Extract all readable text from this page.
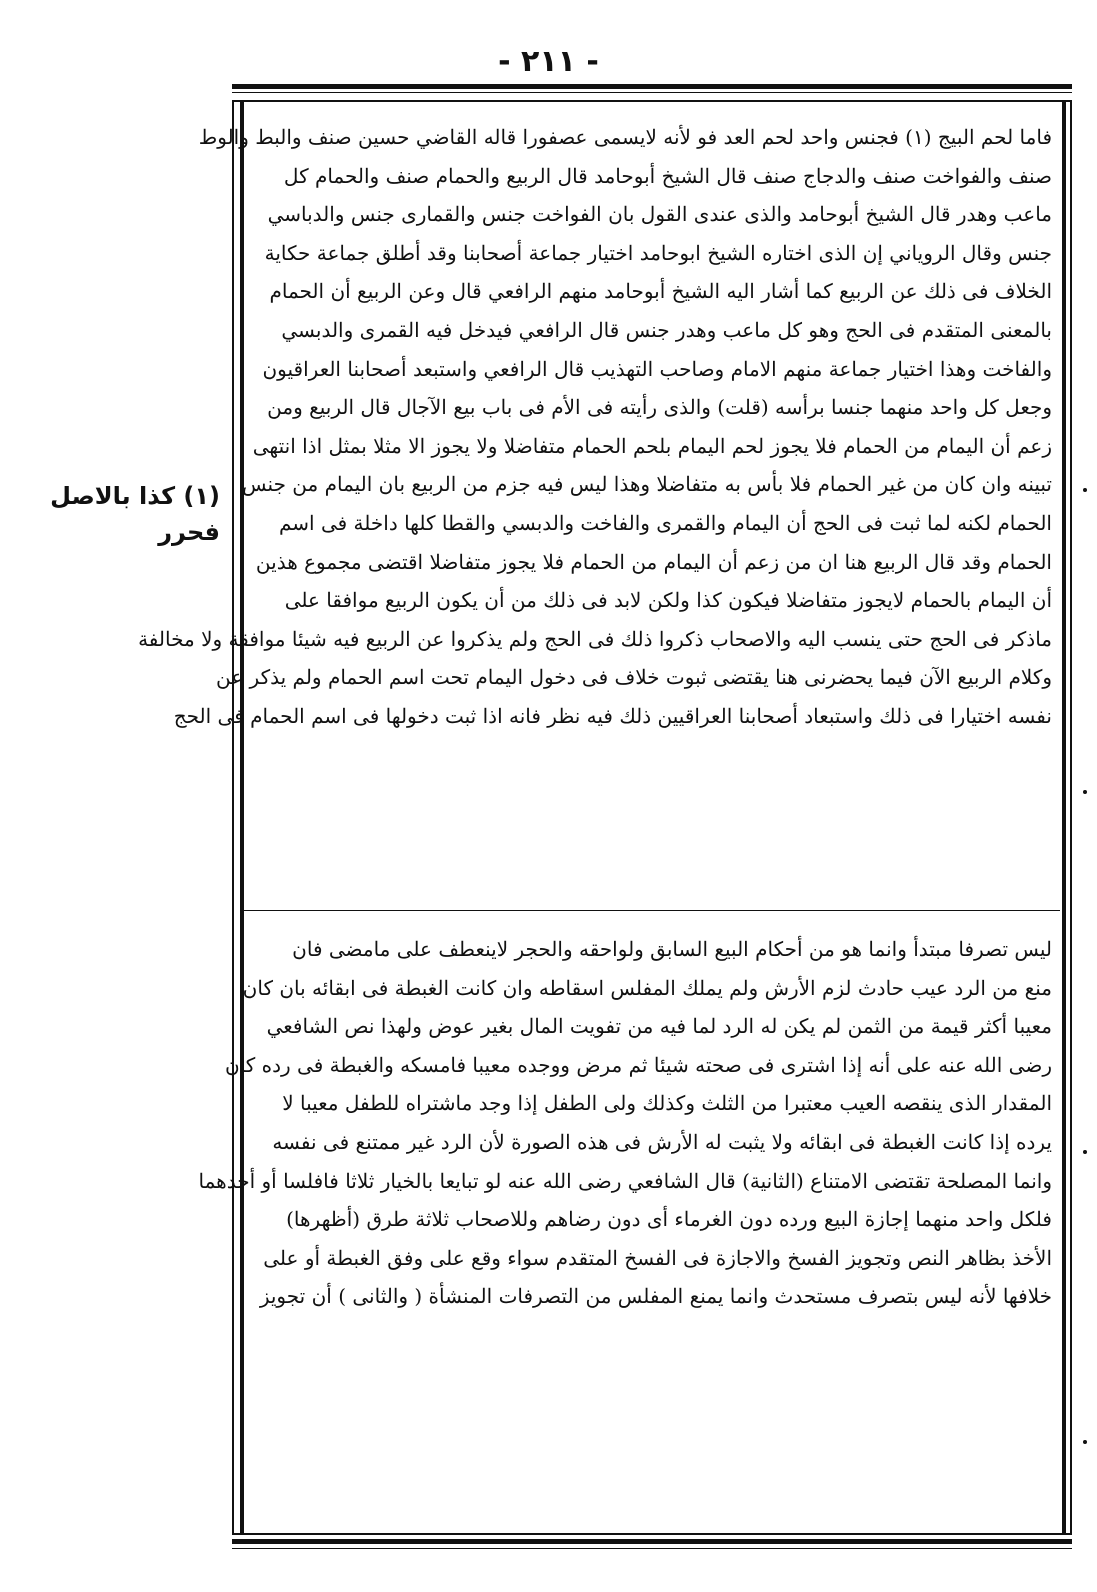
- ٢١١ -
فاما لحم البيج (١) فجنس واحد لحم العد فو لأنه لايسمى عصفورا قاله القاضي حسين صنف والبط والوط
صنف والفواخت صنف والدجاج صنف قال الشيخ أبوحامد قال الربيع والحمام صنف والحمام كل
ماعب وهدر قال الشيخ أبوحامد والذى عندى القول بان الفواخت جنس والقمارى جنس والدباسي
جنس وقال الروياني إن الذى اختاره الشيخ ابوحامد اختيار جماعة أصحابنا وقد أطلق جماعة حكاية
الخلاف فى ذلك عن الربيع كما أشار اليه الشيخ أبوحامد منهم الرافعي قال وعن الربيع أن الحمام
بالمعنى المتقدم فى الحج وهو كل ماعب وهدر جنس قال الرافعي فيدخل فيه القمرى والدبسي
والفاخت وهذا اختيار جماعة منهم الامام وصاحب التهذيب قال الرافعي واستبعد أصحابنا العراقيون
وجعل كل واحد منهما جنسا برأسه (قلت) والذى رأيته فى الأم فى باب بيع الآجال قال الربيع ومن
زعم أن اليمام من الحمام فلا يجوز لحم اليمام بلحم الحمام متفاضلا ولا يجوز الا مثلا بمثل اذا انتهى
تبينه وان كان من غير الحمام فلا بأس به متفاضلا وهذا ليس فيه جزم من الربيع بان اليمام من جنس
الحمام لكنه لما ثبت فى الحج أن اليمام والقمرى والفاخت والدبسي والقطا كلها داخلة فى اسم
الحمام وقد قال الربيع هنا ان من زعم أن اليمام من الحمام فلا يجوز متفاضلا اقتضى مجموع هذين
أن اليمام بالحمام لايجوز متفاضلا فيكون كذا ولكن لابد فى ذلك من أن يكون الربيع موافقا على
ماذكر فى الحج حتى ينسب اليه والاصحاب ذكروا ذلك فى الحج ولم يذكروا عن الربيع فيه شيئا موافقة ولا مخالفة
وكلام الربيع الآن فيما يحضرنى هنا يقتضى ثبوت خلاف فى دخول اليمام تحت اسم الحمام ولم يذكر عن
نفسه اختيارا فى ذلك واستبعاد أصحابنا العراقيين ذلك فيه نظر فانه اذا ثبت دخولها فى اسم الحمام فى الحج
ليس تصرفا مبتدأ وانما هو من أحكام البيع السابق ولواحقه والحجر لاينعطف على مامضى فان
منع من الرد عيب حادث لزم الأرش ولم يملك المفلس اسقاطه وان كانت الغبطة فى ابقائه بان كان
معيبا أكثر قيمة من الثمن لم يكن له الرد لما فيه من تفويت المال بغير عوض ولهذا نص الشافعي
رضى الله عنه على أنه إذا اشترى فى صحته شيئا ثم مرض ووجده معيبا فامسكه والغبطة فى رده كان
المقدار الذى ينقصه العيب معتبرا من الثلث وكذلك ولى الطفل إذا وجد ماشتراه للطفل معيبا لا
يرده إذا كانت الغبطة فى ابقائه ولا يثبت له الأرش فى هذه الصورة لأن الرد غير ممتنع فى نفسه
وانما المصلحة تقتضى الامتناع (الثانية) قال الشافعي رضى الله عنه لو تبايعا بالخيار ثلاثا فافلسا أو أحدهما
فلكل واحد منهما إجازة البيع ورده دون الغرماء أى دون رضاهم وللاصحاب ثلاثة طرق (أظهرها)
الأخذ بظاهر النص وتجويز الفسخ والاجازة فى الفسخ المتقدم سواء وقع على وفق الغبطة أو على
خلافها لأنه ليس بتصرف مستحدث وانما يمنع المفلس من التصرفات المنشأة ( والثانى ) أن تجويز
(١) كذا بالاصل
فحرر
